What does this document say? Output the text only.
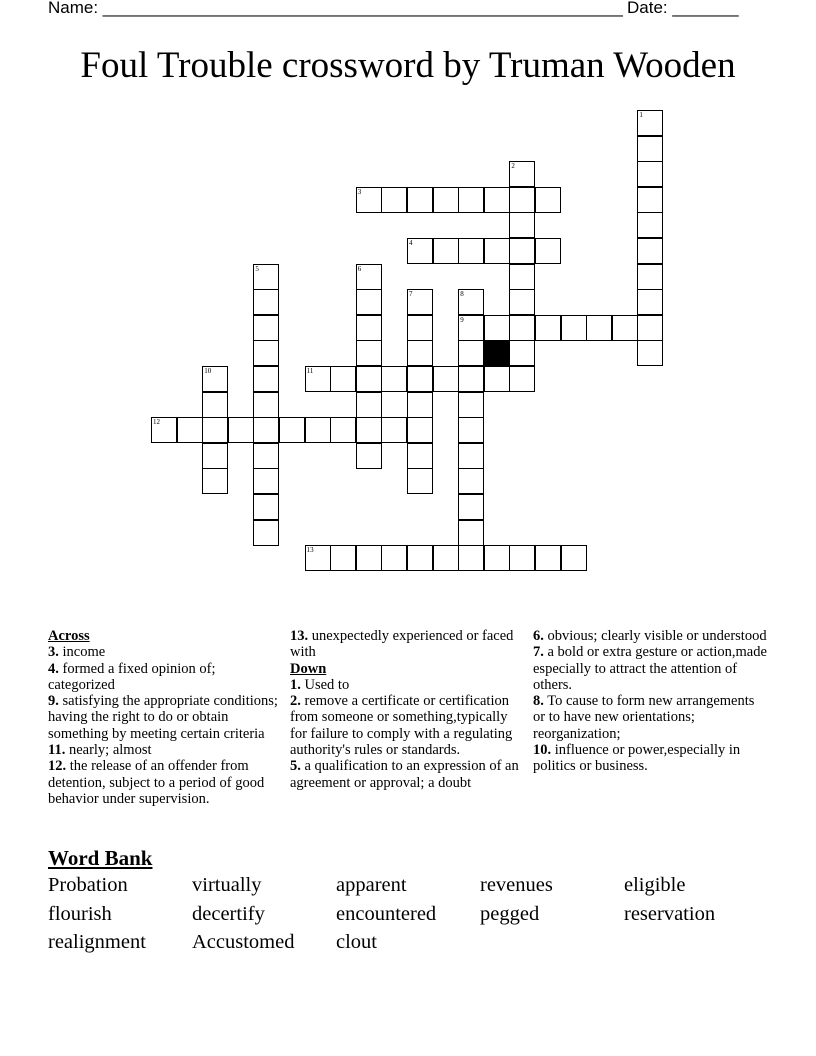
Name: _______________________________________________________ Date: _______
Foul Trouble crossword by Truman Wooden
1
2
3
4
5	6
7	8
9
10	11
12
13
Across
3. income
4. formed a fixed opinion of; categorized
9. satisfying the appropriate conditions; having the right to do or obtain something by meeting certain criteria
11. nearly; almost
12. the release of an offender from detention, subject to a period of good behavior under supervision.
13. unexpectedly experienced or faced with
Down
1. Used to
2. remove a certificate or certification from someone or something,typically for failure to comply with a regulating authority's rules or standards.
5. a qualification to an expression of an agreement or approval; a doubt
6. obvious; clearly visible or understood
7. a bold or extra gesture or action,made especially to attract the attention of others.
8. To cause to form new arrangements or to have new orientations; reorganization;
10. influence or power,especially in politics or business.
Word Bank
Probation	virtually	apparent	revenues	eligible
flourish	decertify	encountered pegged	reservation
realignment Accustomed clout
